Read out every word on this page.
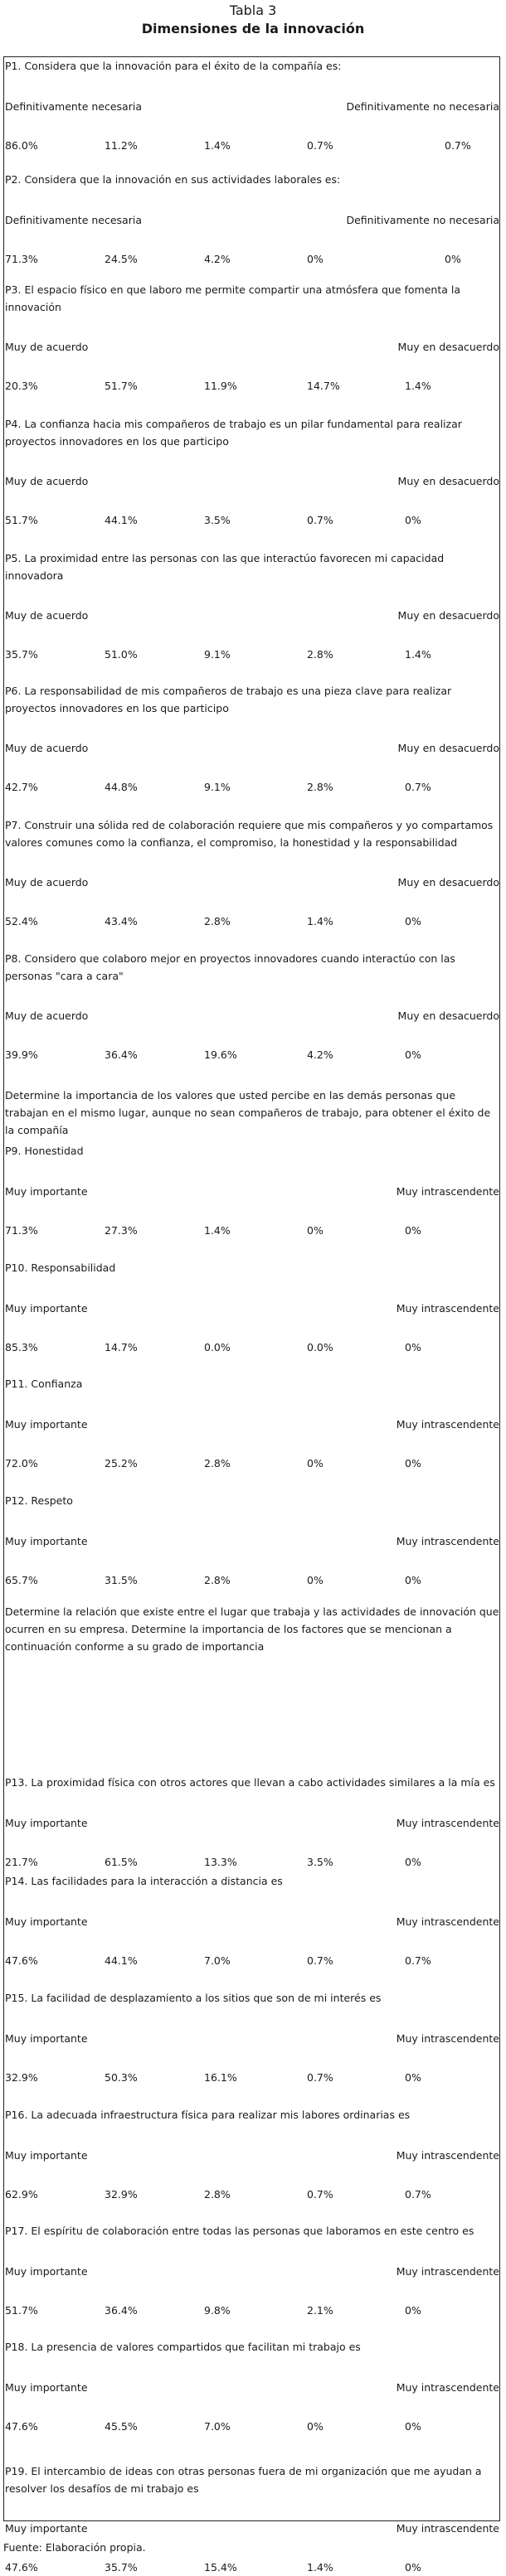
Tabla 3
Dimensiones de la innovación
P1. Considera que la innovación para el éxito de la compañía es:
Definitivamente necesaria	Definitivamente no necesaria
86.0%	11.2%	1.4%	0.7%	0.7%
P2. Considera que la innovación en sus actividades laborales es:
Definitivamente necesaria	Definitivamente no necesaria
71.3%	24.5%	4.2%	0%	0%
P3. El espacio físico en que laboro me permite compartir una atmósfera que fomenta la innovación
Muy de acuerdo	Muy en desacuerdo
20.3%	51.7%	11.9%	14.7%	1.4%
P4. La confianza hacia mis compañeros de trabajo es un pilar fundamental para realizar proyectos innovadores en los que participo
Muy de acuerdo	Muy en desacuerdo
51.7%	44.1%	3.5%	0.7%	0%
P5. La proximidad entre las personas con las que interactúo favorecen mi capacidad innovadora
Muy de acuerdo	Muy en desacuerdo
35.7%	51.0%	9.1%	2.8%	1.4%
P6. La responsabilidad de mis compañeros de trabajo es una pieza clave para realizar proyectos innovadores en los que participo
Muy de acuerdo	Muy en desacuerdo
42.7%	44.8%	9.1%	2.8%	0.7%
P7. Construir una sólida red de colaboración requiere que mis compañeros y yo compartamos valores comunes como la confianza, el compromiso, la honestidad y la responsabilidad
Muy de acuerdo	Muy en desacuerdo
52.4%	43.4%	2.8%	1.4%	0%
P8. Considero que colaboro mejor en proyectos innovadores cuando interactúo con las personas "cara a cara"
Muy de acuerdo	Muy en desacuerdo
39.9%	36.4%	19.6%	4.2%	0%
Determine la importancia de los valores que usted percibe en las demás personas que trabajan en el mismo lugar, aunque no sean compañeros de trabajo, para obtener el éxito de la compañía
P9. Honestidad
Muy importante	Muy intrascendente
71.3%	27.3%	1.4%	0%	0%
P10. Responsabilidad
Muy importante	Muy intrascendente
85.3%	14.7%	0.0%	0.0%	0%
P11. Confianza
Muy importante	Muy intrascendente
72.0%	25.2%	2.8%	0%	0%
P12. Respeto
Muy importante	Muy intrascendente
65.7%	31.5%	2.8%	0%	0%
Determine la relación que existe entre el lugar que trabaja y las actividades de innovación que ocurren en su empresa. Determine la importancia de los factores que se mencionan a continuación conforme a su grado de importancia
P13. La proximidad física con otros actores que llevan a cabo actividades similares a la mía es
Muy importante	Muy intrascendente
21.7%	61.5%	13.3%	3.5%	0%
P14. Las facilidades para la interacción a distancia es
Muy importante	Muy intrascendente
47.6%	44.1%	7.0%	0.7%	0.7%
P15. La facilidad de desplazamiento a los sitios que son de mi interés es
Muy importante	Muy intrascendente
32.9%	50.3%	16.1%	0.7%	0%
P16. La adecuada infraestructura física para realizar mis labores ordinarias es
Muy importante	Muy intrascendente
62.9%	32.9%	2.8%	0.7%	0.7%
P17. El espíritu de colaboración entre todas las personas que laboramos en este centro es
Muy importante	Muy intrascendente
51.7%	36.4%	9.8%	2.1%	0%
P18. La presencia de valores compartidos que facilitan mi trabajo es
Muy importante	Muy intrascendente
47.6%	45.5%	7.0%	0%	0%
P19. El intercambio de ideas con otras personas fuera de mi organización que me ayudan a resolver los desafíos de mi trabajo es
Muy importante	Muy intrascendente
47.6%	35.7%	15.4%	1.4%	0%
Fuente: Elaboración propia.
